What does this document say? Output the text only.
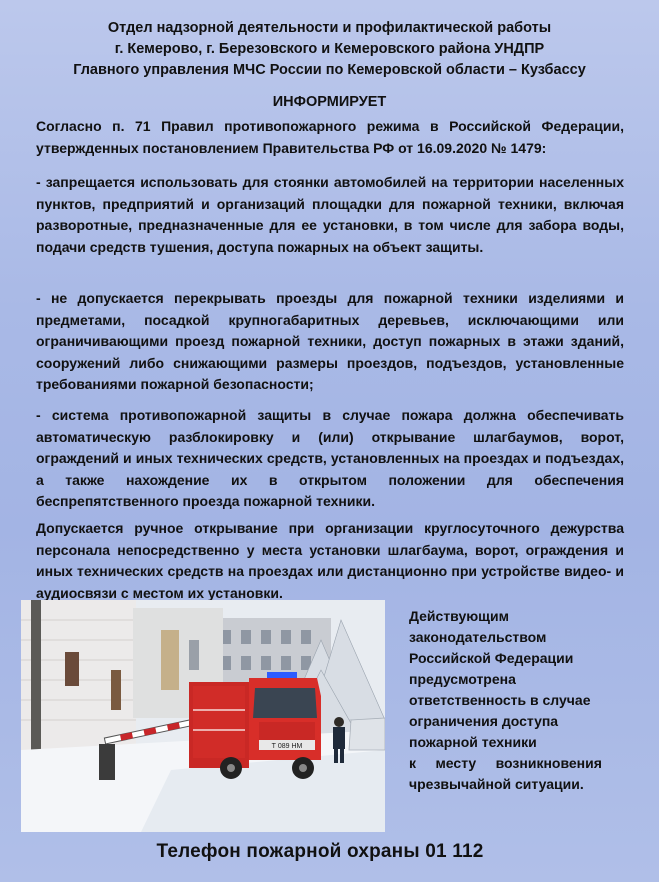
Отдел надзорной деятельности и профилактической работы
г. Кемерово, г. Березовского и Кемеровского района УНДПР
Главного управления МЧС России по Кемеровской области – Кузбассу
ИНФОРМИРУЕТ
Согласно п. 71 Правил противопожарного режима в Российской Федерации, утвержденных постановлением Правительства РФ от 16.09.2020 № 1479:
- запрещается использовать для стоянки автомобилей на территории населенных пунктов, предприятий и организаций площадки для пожарной техники, включая разворотные, предназначенные для ее установки, в том числе для забора воды, подачи средств тушения, доступа пожарных на объект защиты.
- не допускается перекрывать проезды для пожарной техники изделиями и предметами, посадкой крупногабаритных деревьев, исключающими или ограничивающими проезд пожарной техники, доступ пожарных в этажи зданий, сооружений либо снижающими размеры проездов, подъездов, установленные требованиями пожарной безопасности;
- система противопожарной защиты в случае пожара должна обеспечивать автоматическую разблокировку и (или) открывание шлагбаумов, ворот, ограждений и иных технических средств, установленных на проездах и подъездах, а также нахождение их в открытом положении для обеспечения беспрепятственного проезда пожарной техники.
Допускается ручное открывание при организации круглосуточного дежурства персонала непосредственно у места установки шлагбаума, ворот, ограждения и иных технических средств на проездах или дистанционно при устройстве видео- и аудиосвязи с местом их установки.
Т 089 НМ
Действующим
законодательством
Российской Федерации
предусмотрена
ответственность в случае
ограничения доступа
пожарной техники
к     месту     возникновения
чрезвычайной ситуации.
Телефон пожарной охраны 01 112
